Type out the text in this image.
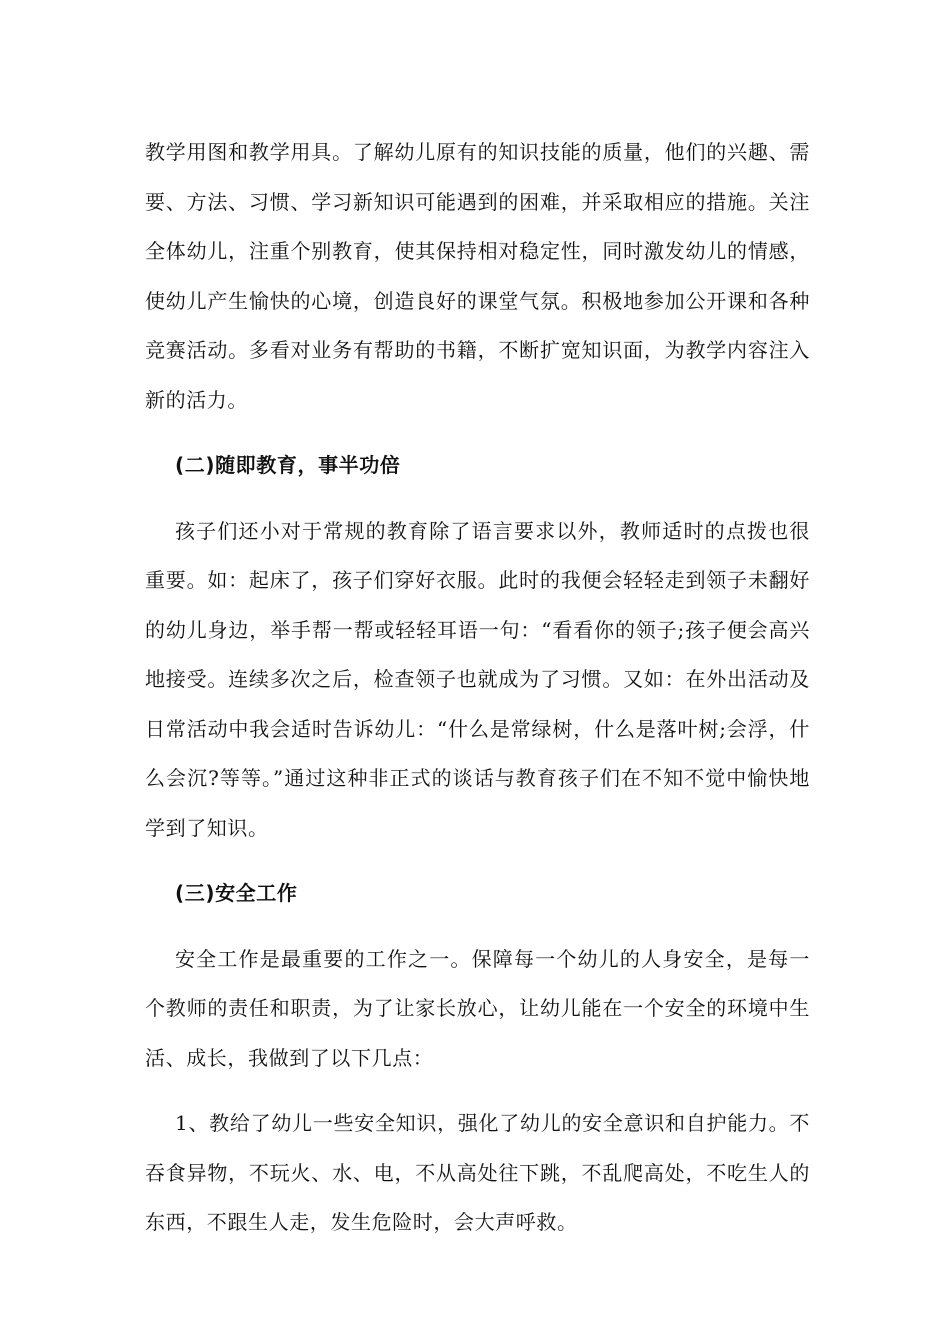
教学用图和教学用具。了解幼儿原有的知识技能的质量，他们的兴趣、需要、方法、习惯、学习新知识可能遇到的困难，并采取相应的措施。关注全体幼儿，注重个别教育，使其保持相对稳定性，同时激发幼儿的情感，使幼儿产生愉快的心境，创造良好的课堂气氛。积极地参加公开课和各种竞赛活动。多看对业务有帮助的书籍，不断扩宽知识面，为教学内容注入新的活力。

(二)随即教育，事半功倍

孩子们还小对于常规的教育除了语言要求以外，教师适时的点拨也很重要。如：起床了，孩子们穿好衣服。此时的我便会轻轻走到领子未翻好的幼儿身边，举手帮一帮或轻轻耳语一句：“看看你的领子;孩子便会高兴地接受。连续多次之后，检查领子也就成为了习惯。又如：在外出活动及日常活动中我会适时告诉幼儿：“什么是常绿树，什么是落叶树;会浮，什么会沉?等等。”通过这种非正式的谈话与教育孩子们在不知不觉中愉快地学到了知识。

(三)安全工作

安全工作是最重要的工作之一。保障每一个幼儿的人身安全，是每一个教师的责任和职责，为了让家长放心，让幼儿能在一个安全的环境中生活、成长，我做到了以下几点：

1、教给了幼儿一些安全知识，强化了幼儿的安全意识和自护能力。不吞食异物，不玩火、水、电，不从高处往下跳，不乱爬高处，不吃生人的东西，不跟生人走，发生危险时，会大声呼救。
